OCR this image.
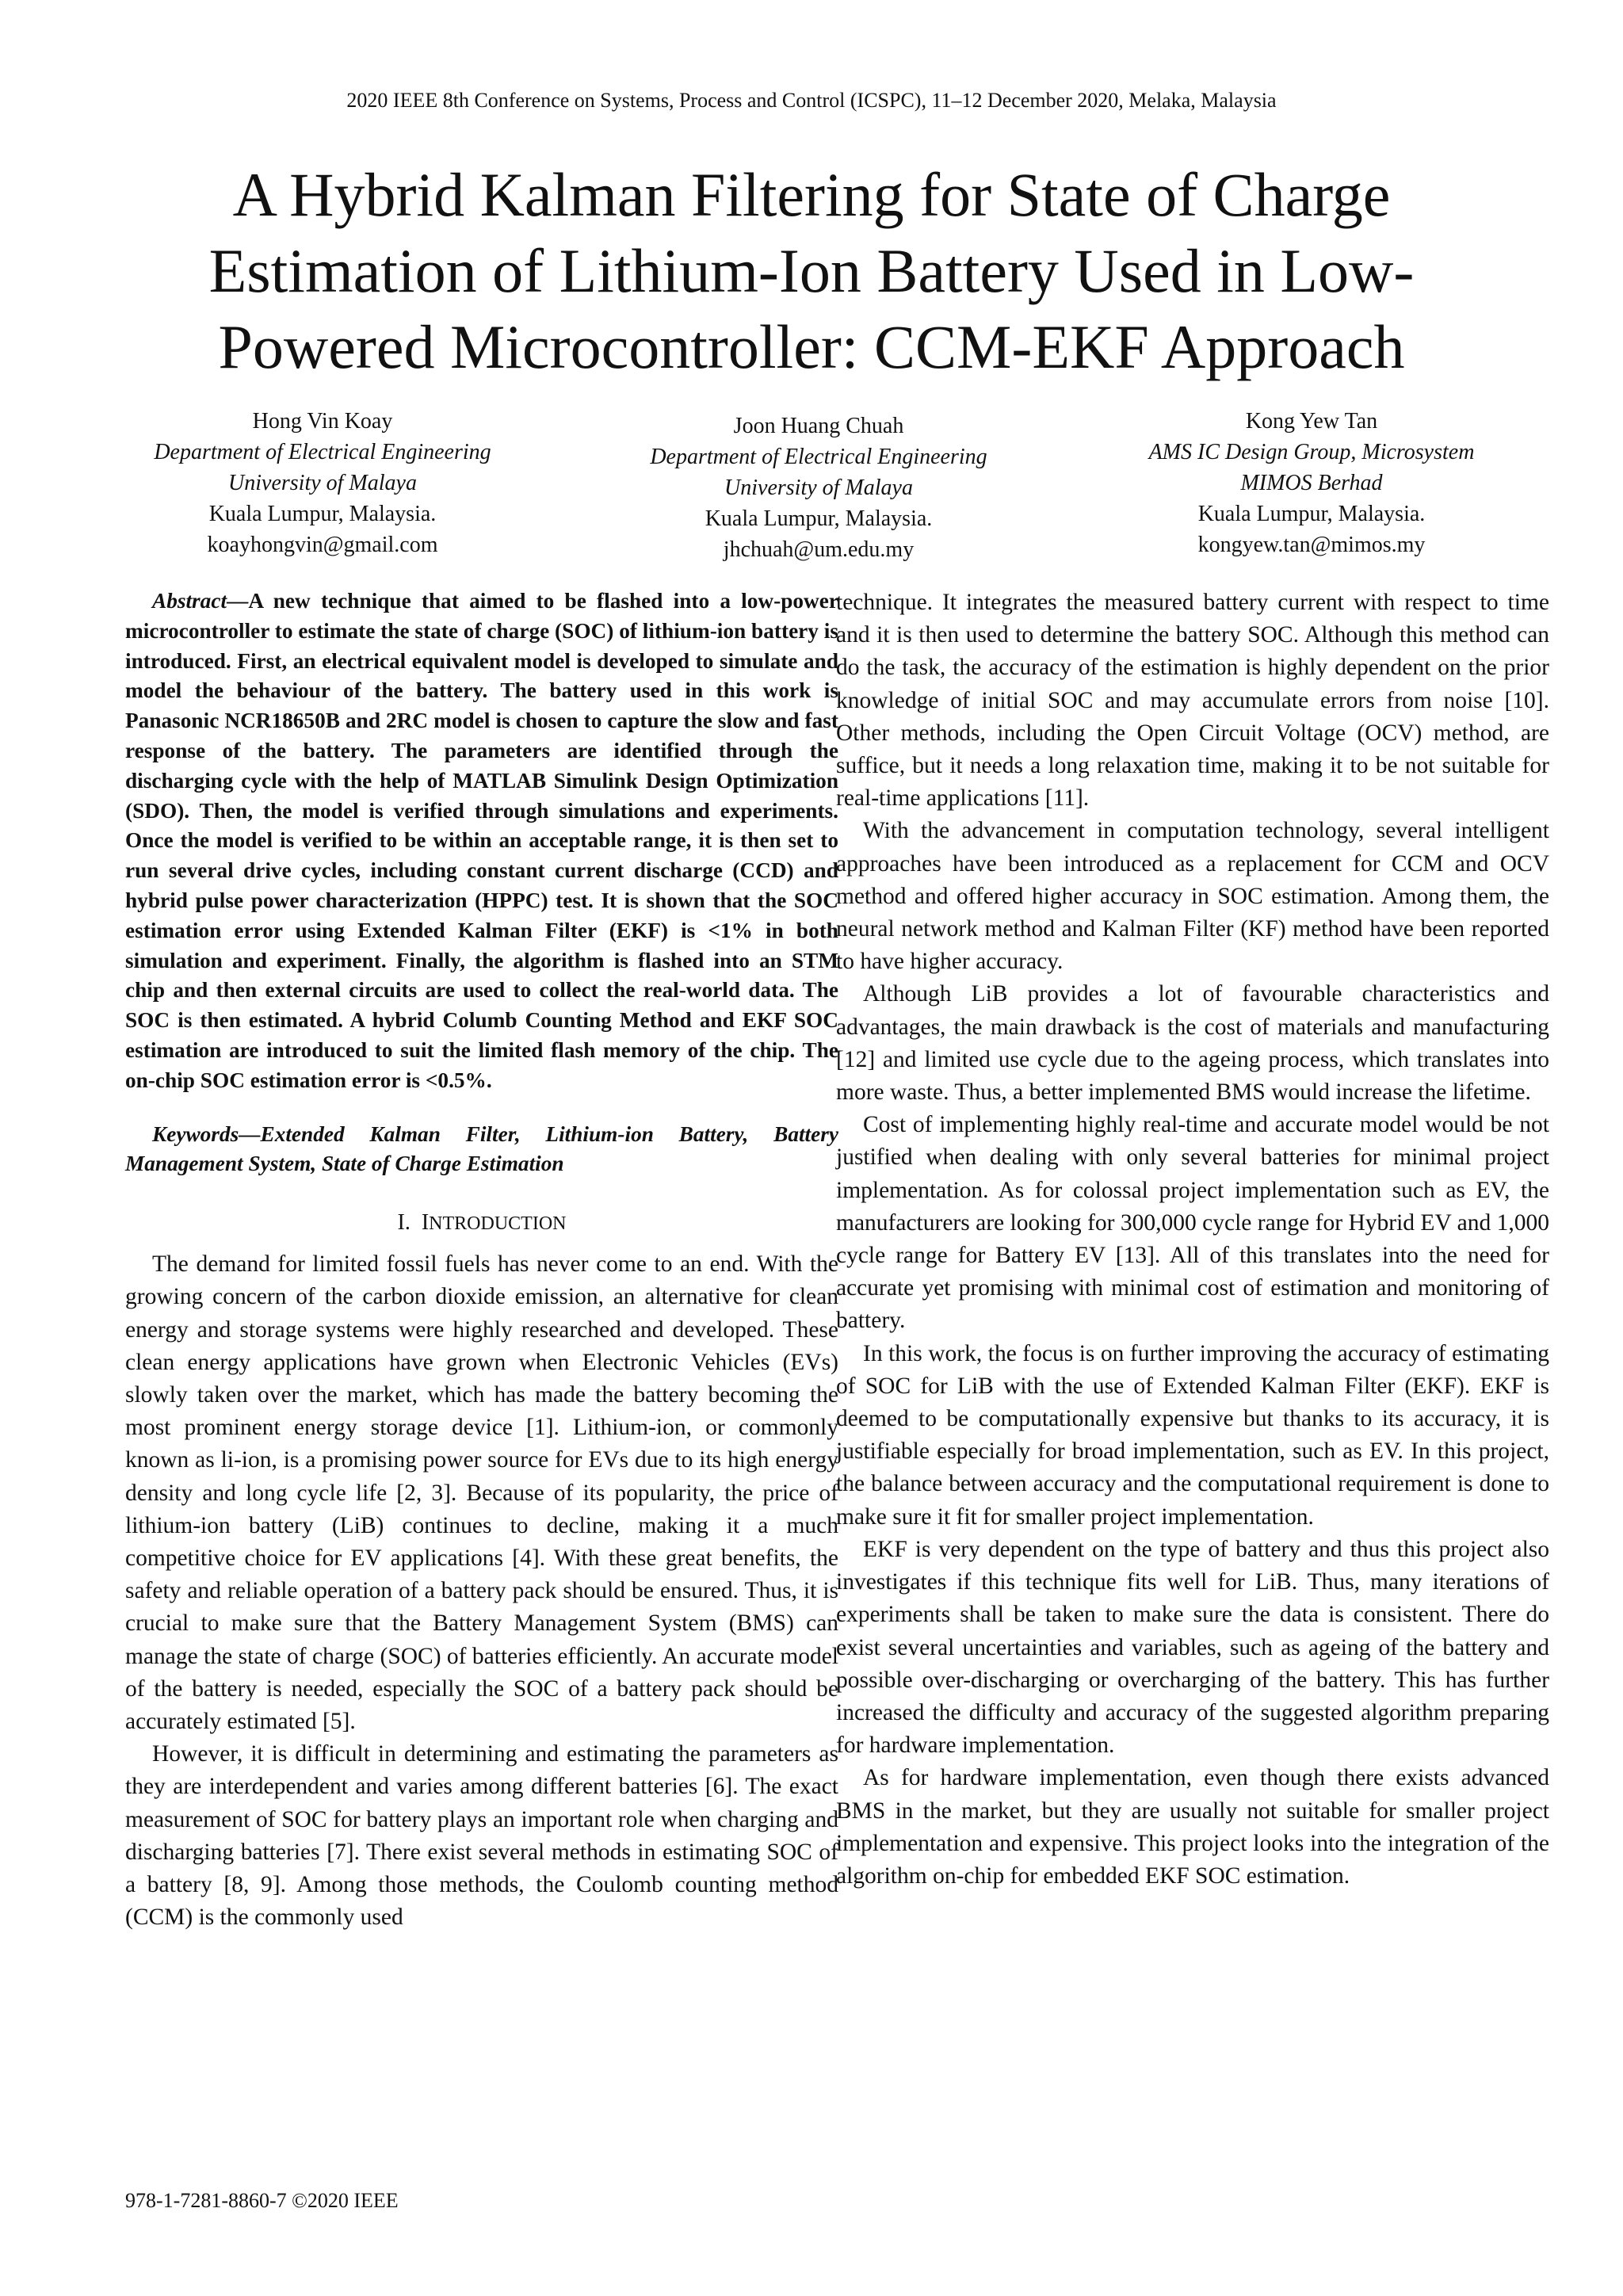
2020 IEEE 8th Conference on Systems, Process and Control (ICSPC), 11–12 December 2020, Melaka, Malaysia
A Hybrid Kalman Filtering for State of Charge
Estimation of Lithium-Ion Battery Used in Low-
Powered Microcontroller: CCM-EKF Approach
Hong Vin Koay
Department of Electrical Engineering
University of Malaya
Kuala Lumpur, Malaysia.
koayhongvin@gmail.com
Joon Huang Chuah
Department of Electrical Engineering
University of Malaya
Kuala Lumpur, Malaysia.
jhchuah@um.edu.my
Kong Yew Tan
AMS IC Design Group, Microsystem
MIMOS Berhad
Kuala Lumpur, Malaysia.
kongyew.tan@mimos.my

Abstract—A new technique that aimed to be flashed into a low-power microcontroller to estimate the state of charge (SOC) of lithium-ion battery is introduced. First, an electrical equivalent model is developed to simulate and model the behaviour of the battery. The battery used in this work is Panasonic NCR18650B and 2RC model is chosen to capture the slow and fast response of the battery. The parameters are identified through the discharging cycle with the help of MATLAB Simulink Design Optimization (SDO). Then, the model is verified through simulations and experiments. Once the model is verified to be within an acceptable range, it is then set to run several drive cycles, including constant current discharge (CCD) and hybrid pulse power characterization (HPPC) test. It is shown that the SOC estimation error using Extended Kalman Filter (EKF) is <1% in both simulation and experiment. Finally, the algorithm is flashed into an STM chip and then external circuits are used to collect the real-world data. The SOC is then estimated. A hybrid Columb Counting Method and EKF SOC estimation are introduced to suit the limited flash memory of the chip. The on-chip SOC estimation error is <0.5%.

Keywords—Extended Kalman Filter, Lithium-ion Battery, Battery Management System, State of Charge Estimation

I. INTRODUCTION

The demand for limited fossil fuels has never come to an end. With the growing concern of the carbon dioxide emission, an alternative for clean energy and storage systems were highly researched and developed. These clean energy applications have grown when Electronic Vehicles (EVs) slowly taken over the market, which has made the battery becoming the most prominent energy storage device [1]. Lithium-ion, or commonly known as li-ion, is a promising power source for EVs due to its high energy density and long cycle life [2, 3]. Because of its popularity, the price of lithium-ion battery (LiB) continues to decline, making it a much competitive choice for EV applications [4]. With these great benefits, the safety and reliable operation of a battery pack should be ensured. Thus, it is crucial to make sure that the Battery Management System (BMS) can manage the state of charge (SOC) of batteries efficiently. An accurate model of the battery is needed, especially the SOC of a battery pack should be accurately estimated [5].

However, it is difficult in determining and estimating the parameters as they are interdependent and varies among different batteries [6]. The exact measurement of SOC for battery plays an important role when charging and discharging batteries [7]. There exist several methods in estimating SOC of a battery [8, 9]. Among those methods, the Coulomb counting method (CCM) is the commonly used

technique. It integrates the measured battery current with respect to time and it is then used to determine the battery SOC. Although this method can do the task, the accuracy of the estimation is highly dependent on the prior knowledge of initial SOC and may accumulate errors from noise [10]. Other methods, including the Open Circuit Voltage (OCV) method, are suffice, but it needs a long relaxation time, making it to be not suitable for real-time applications [11].

With the advancement in computation technology, several intelligent approaches have been introduced as a replacement for CCM and OCV method and offered higher accuracy in SOC estimation. Among them, the neural network method and Kalman Filter (KF) method have been reported to have higher accuracy.

Although LiB provides a lot of favourable characteristics and advantages, the main drawback is the cost of materials and manufacturing [12] and limited use cycle due to the ageing process, which translates into more waste. Thus, a better implemented BMS would increase the lifetime.

Cost of implementing highly real-time and accurate model would be not justified when dealing with only several batteries for minimal project implementation. As for colossal project implementation such as EV, the manufacturers are looking for 300,000 cycle range for Hybrid EV and 1,000 cycle range for Battery EV [13]. All of this translates into the need for accurate yet promising with minimal cost of estimation and monitoring of battery.

In this work, the focus is on further improving the accuracy of estimating of SOC for LiB with the use of Extended Kalman Filter (EKF). EKF is deemed to be computationally expensive but thanks to its accuracy, it is justifiable especially for broad implementation, such as EV. In this project, the balance between accuracy and the computational requirement is done to make sure it fit for smaller project implementation.

EKF is very dependent on the type of battery and thus this project also investigates if this technique fits well for LiB. Thus, many iterations of experiments shall be taken to make sure the data is consistent. There do exist several uncertainties and variables, such as ageing of the battery and possible over-discharging or overcharging of the battery. This has further increased the difficulty and accuracy of the suggested algorithm preparing for hardware implementation.

As for hardware implementation, even though there exists advanced BMS in the market, but they are usually not suitable for smaller project implementation and expensive. This project looks into the integration of the algorithm on-chip for embedded EKF SOC estimation.

978-1-7281-8860-7 ©2020 IEEE
